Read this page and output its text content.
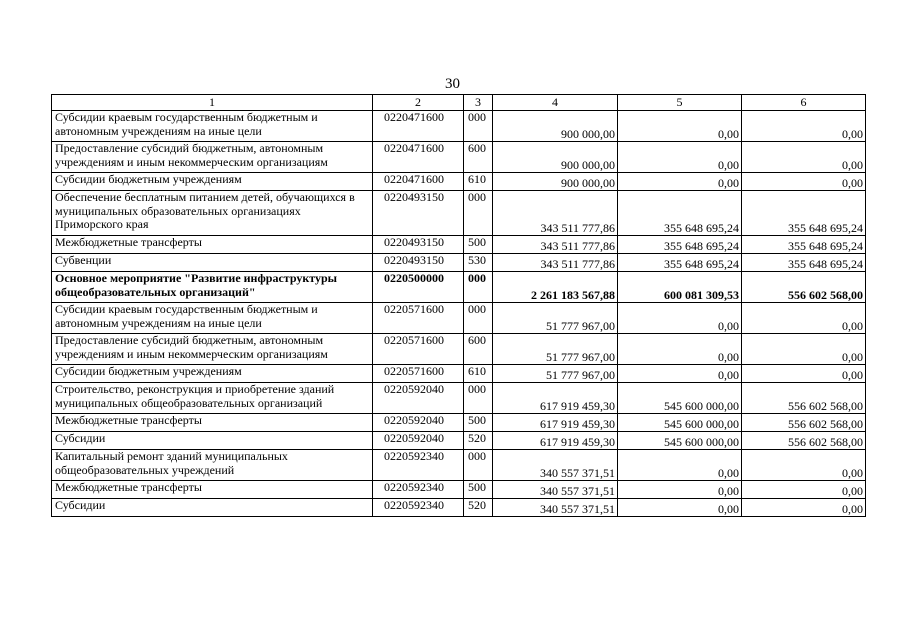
30
1	2	3	4	5	6
Субсидии краевым государственным бюджетным и автономным учреждениям на иные цели	0220471600	000	900 000,00	0,00	0,00
Предоставление субсидий бюджетным, автономным учреждениям и иным некоммерческим организациям	0220471600	600	900 000,00	0,00	0,00
Субсидии бюджетным учреждениям	0220471600	610	900 000,00	0,00	0,00
Обеспечение бесплатным питанием детей, обучающихся в муниципальных образовательных организациях Приморского края	0220493150	000	343 511 777,86	355 648 695,24	355 648 695,24
Межбюджетные трансферты	0220493150	500	343 511 777,86	355 648 695,24	355 648 695,24
Субвенции	0220493150	530	343 511 777,86	355 648 695,24	355 648 695,24
Основное мероприятие "Развитие инфраструктуры общеобразовательных организаций"	0220500000	000	2 261 183 567,88	600 081 309,53	556 602 568,00
Субсидии краевым государственным бюджетным и автономным учреждениям на иные цели	0220571600	000	51 777 967,00	0,00	0,00
Предоставление субсидий бюджетным, автономным учреждениям и иным некоммерческим организациям	0220571600	600	51 777 967,00	0,00	0,00
Субсидии бюджетным учреждениям	0220571600	610	51 777 967,00	0,00	0,00
Строительство, реконструкция и приобретение зданий муниципальных общеобразовательных организаций	0220592040	000	617 919 459,30	545 600 000,00	556 602 568,00
Межбюджетные трансферты	0220592040	500	617 919 459,30	545 600 000,00	556 602 568,00
Субсидии	0220592040	520	617 919 459,30	545 600 000,00	556 602 568,00
Капитальный ремонт зданий муниципальных общеобразовательных учреждений	0220592340	000	340 557 371,51	0,00	0,00
Межбюджетные трансферты	0220592340	500	340 557 371,51	0,00	0,00
Субсидии	0220592340	520	340 557 371,51	0,00	0,00
